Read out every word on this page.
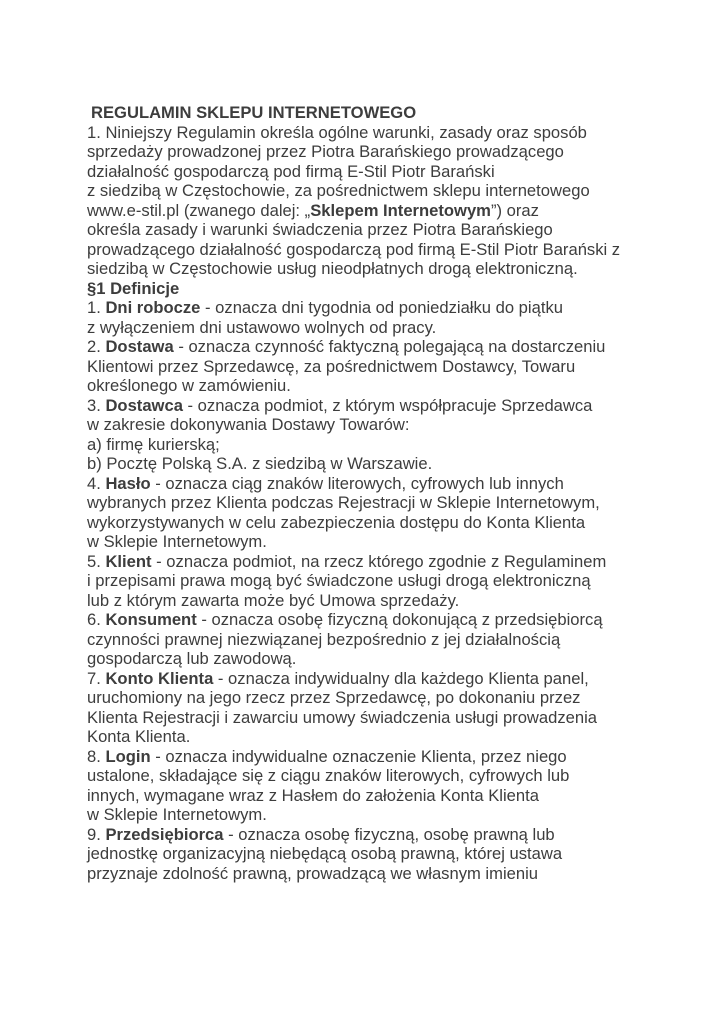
REGULAMIN SKLEPU INTERNETOWEGO
1. Niniejszy Regulamin określa ogólne warunki, zasady oraz sposób
sprzedaży prowadzonej przez Piotra Barańskiego prowadzącego
działalność gospodarczą pod firmą E-Stil Piotr Barański
z siedzibą w Częstochowie, za pośrednictwem sklepu internetowego
www.e-stil.pl (zwanego dalej: „Sklepem Internetowym”) oraz
określa zasady i warunki świadczenia przez Piotra Barańskiego
prowadzącego działalność gospodarczą pod firmą E-Stil Piotr Barański z
siedzibą w Częstochowie usług nieodpłatnych drogą elektroniczną.
§1 Definicje
1. Dni robocze - oznacza dni tygodnia od poniedziałku do piątku
z wyłączeniem dni ustawowo wolnych od pracy.
2. Dostawa - oznacza czynność faktyczną polegającą na dostarczeniu
Klientowi przez Sprzedawcę, za pośrednictwem Dostawcy, Towaru
określonego w zamówieniu.
3. Dostawca - oznacza podmiot, z którym współpracuje Sprzedawca
w zakresie dokonywania Dostawy Towarów:
a) firmę kurierską;
b) Pocztę Polską S.A. z siedzibą w Warszawie.
4. Hasło - oznacza ciąg znaków literowych, cyfrowych lub innych
wybranych przez Klienta podczas Rejestracji w Sklepie Internetowym,
wykorzystywanych w celu zabezpieczenia dostępu do Konta Klienta
w Sklepie Internetowym.
5. Klient - oznacza podmiot, na rzecz którego zgodnie z Regulaminem
i przepisami prawa mogą być świadczone usługi drogą elektroniczną
lub z którym zawarta może być Umowa sprzedaży.
6. Konsument - oznacza osobę fizyczną dokonującą z przedsiębiorcą
czynności prawnej niezwiązanej bezpośrednio z jej działalnością
gospodarczą lub zawodową.
7. Konto Klienta - oznacza indywidualny dla każdego Klienta panel,
uruchomiony na jego rzecz przez Sprzedawcę, po dokonaniu przez
Klienta Rejestracji i zawarciu umowy świadczenia usługi prowadzenia
Konta Klienta.
8. Login - oznacza indywidualne oznaczenie Klienta, przez niego
ustalone, składające się z ciągu znaków literowych, cyfrowych lub
innych, wymagane wraz z Hasłem do założenia Konta Klienta
w Sklepie Internetowym.
9. Przedsiębiorca - oznacza osobę fizyczną, osobę prawną lub
jednostkę organizacyjną niebędącą osobą prawną, której ustawa
przyznaje zdolność prawną, prowadzącą we własnym imieniu
